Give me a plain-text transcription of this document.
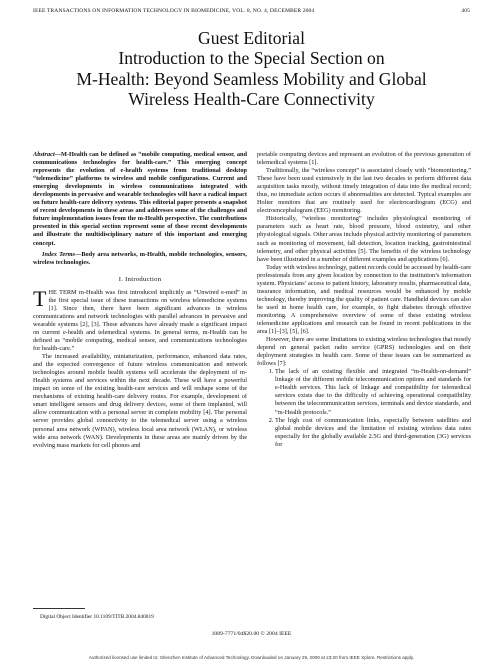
IEEE TRANSACTIONS ON INFORMATION TECHNOLOGY IN BIOMEDICINE, VOL. 8, NO. 4, DECEMBER 2004	405
Guest Editorial
Introduction to the Special Section on
M-Health: Beyond Seamless Mobility and Global
Wireless Health-Care Connectivity

Abstract—M-Health can be defined as “mobile computing, medical sensor, and communications technologies for health-care.” This emerging concept represents the evolution of e-health systems from traditional desktop “telemedicine” platforms to wireless and mobile configurations. Current and emerging developments in wireless communications integrated with developments in pervasive and wearable technologies will have a radical impact on future health-care delivery systems. This editorial paper presents a snapshot of recent developments in these areas and addresses some of the challenges and future implementation issues from the m-Health perspective. The contributions presented in this special section represent some of these recent developments and illustrate the multidisciplinary nature of this important and emerging concept.

Index Terms—Body area networks, m-Health, mobile technologies, sensors, wireless technologies.

I. Introduction

THE TERM m-Health was first introduced implicitly as “Unwired e-med” in the first special issue of these transactions on wireless telemedicine systems [1]. Since then, there have been significant advances in wireless communications and network technologies with parallel advances in pervasive and wearable systems [2], [3]. These advances have already made a significant impact on current e-health and telemedical systems. In general terms, m-Health can be defined as “mobile computing, medical sensor, and communications technologies for health-care.”

The increased availability, miniaturization, performance, enhanced data rates, and the expected convergence of future wireless communication and network technologies around mobile health systems will accelerate the deployment of m-Health systems and services within the next decade. These will have a powerful impact on some of the existing health-care services and will reshape some of the mechanisms of existing health-care delivery routes. For example, development of smart intelligent sensors and drug delivery devices, some of them implanted, will allow communication with a personal server in complete mobility [4]. The personal server provides global connectivity to the telemedical server using a wireless personal area network (WPAN), wireless local area network (WLAN), or wireless wide area network (WAN). Developments in these areas are mainly driven by the evolving mass markets for cell phones and

portable computing devices and represent an evolution of the previous generation of telemedical systems [1].

Traditionally, the “wireless concept” is associated closely with “biomonitoring.” These have been used extensively in the last two decades to perform different data acquisition tasks mostly, without timely integration of data into the medical record; thus, no immediate action occurs if abnormalities are detected. Typical examples are Holter monitors that are routinely used for electrocardiogram (ECG) and electroencephalogram (EEG) monitoring.

Historically, “wireless monitoring” includes physiological monitoring of parameters such as heart rate, blood pressure, blood oximetry, and other physiological signals. Other areas include physical activity monitoring of parameters such as monitoring of movement, fall detection, location tracking, gastrointestinal telemetry, and other physical activities [5]. The benefits of the wireless technology have been illustrated in a number of different examples and applications [6].

Today with wireless technology, patient records could be accessed by health-care professionals from any given location by connection to the institution’s information system. Physicians’ access to patient history, laboratory results, pharmaceutical data, insurance information, and medical resources would be enhanced by mobile technology, thereby improving the quality of patient care. Handheld devices can also be used in home health care, for example, to fight diabetes through effective monitoring. A comprehensive overview of some of these existing wireless telemedicine applications and research can be found in recent publications in the area [1]–[3], [5], [6].

However, there are some limitations to existing wireless technologies that mostly depend on general packet radio service (GPRS) technologies and on their deployment strategies in health care. Some of these issues can be summarized as follows [7]:

1. The lack of an existing flexible and integrated “m-Health-on-demand” linkage of the different mobile telecommunication options and standards for e-Health services. This lack of linkage and compatibility for telemedical services exists due to the difficulty of achieving operational compatibility between the telecommunication services, terminals and device standards, and “m-Health protocols.”
2. The high cost of communication links, especially between satellites and global mobile devices and the limitation of existing wireless data rates especially for the globally available 2.5G and third-generation (3G) services for
Digital Object Identifier 10.1109/TITB.2004.840019
1089-7771/04$20.00 © 2004 IEEE
Authorized licensed use limited to: Shenzhen Institute of Advanced Technology. Downloaded on January 29, 2009 at 23:20 from IEEE Xplore. Restrictions apply.
